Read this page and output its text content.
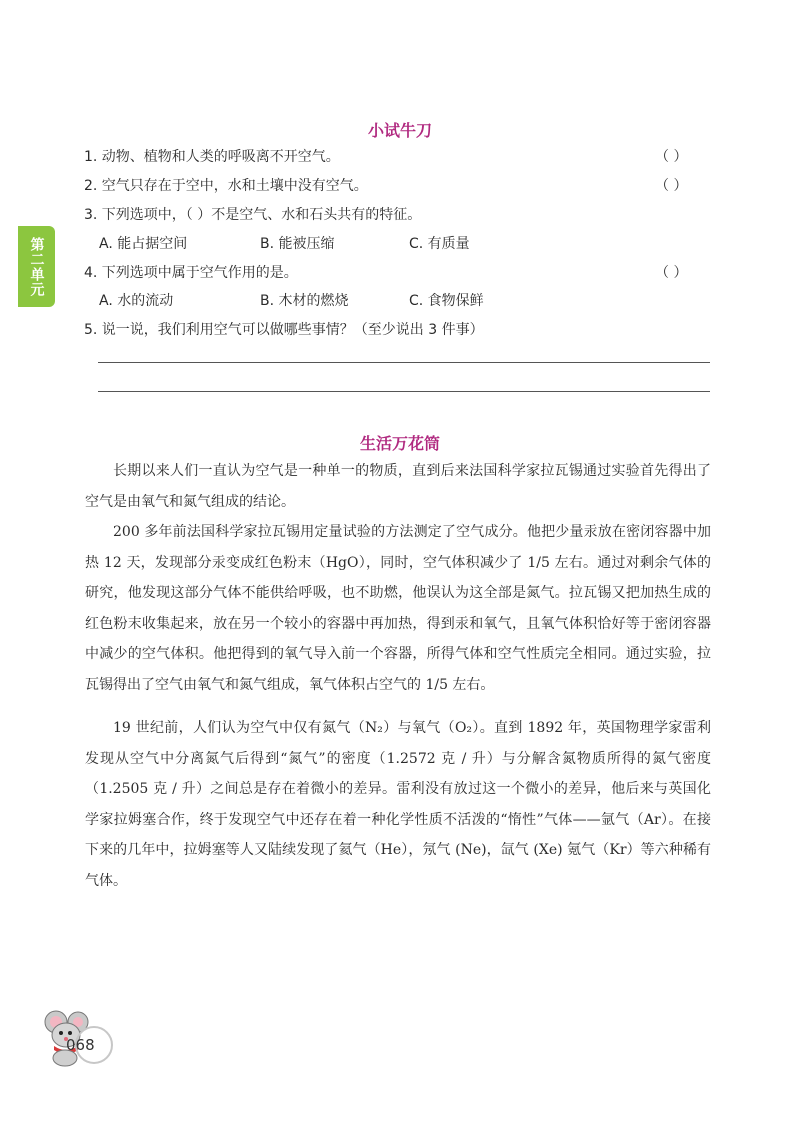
第二单元
小试牛刀
1. 动物、植物和人类的呼吸离不开空气。	（ ）
2. 空气只存在于空中，水和土壤中没有空气。	（ ）
3. 下列选项中，（ ）不是空气、水和石头共有的特征。
A. 能占据空间	B. 能被压缩	C. 有质量
4. 下列选项中属于空气作用的是。	（ ）
A. 水的流动	B. 木材的燃烧	C. 食物保鲜
5. 说一说，我们利用空气可以做哪些事情？（至少说出 3 件事）
生活万花筒

长期以来人们一直认为空气是一种单一的物质，直到后来法国科学家拉瓦锡通过实验首先得出了空气是由氧气和氮气组成的结论。

200 多年前法国科学家拉瓦锡用定量试验的方法测定了空气成分。他把少量汞放在密闭容器中加热 12 天，发现部分汞变成红色粉末（HgO），同时，空气体积减少了 1/5 左右。通过对剩余气体的研究，他发现这部分气体不能供给呼吸，也不助燃，他误认为这全部是氮气。拉瓦锡又把加热生成的红色粉末收集起来，放在另一个较小的容器中再加热，得到汞和氧气，且氧气体积恰好等于密闭容器中减少的空气体积。他把得到的氧气导入前一个容器，所得气体和空气性质完全相同。通过实验，拉瓦锡得出了空气由氧气和氮气组成，氧气体积占空气的 1/5 左右。

19 世纪前，人们认为空气中仅有氮气（N₂）与氧气（O₂）。直到 1892 年，英国物理学家雷利发现从空气中分离氮气后得到“氮气”的密度（1.2572 克 / 升）与分解含氮物质所得的氮气密度（1.2505 克 / 升）之间总是存在着微小的差异。雷利没有放过这一个微小的差异，他后来与英国化学家拉姆塞合作，终于发现空气中还存在着一种化学性质不活泼的“惰性”气体——氩气（Ar）。在接下来的几年中，拉姆塞等人又陆续发现了氦气（He），氖气 (Ne)，氙气 (Xe) 氪气（Kr）等六种稀有气体。

068
